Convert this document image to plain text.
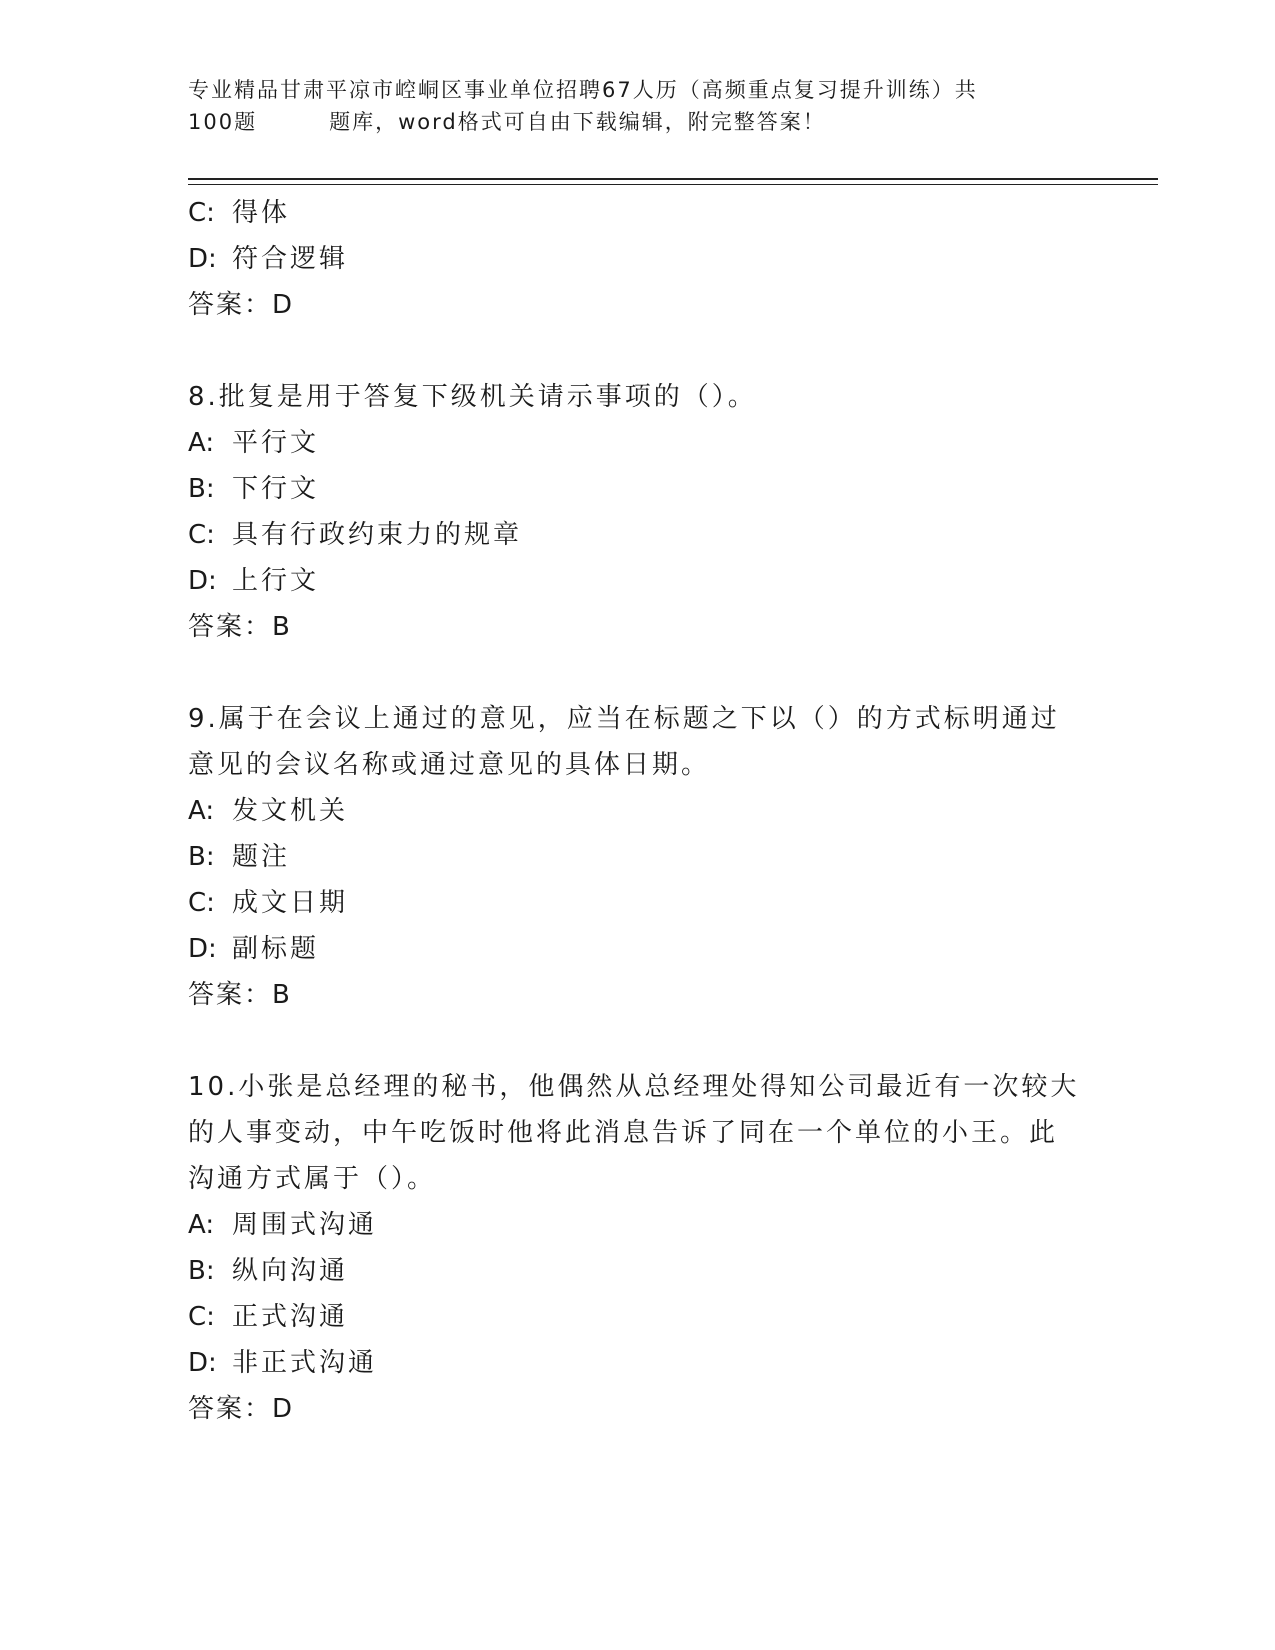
专业精品甘肃平凉市崆峒区事业单位招聘67人历（高频重点复习提升训练）共
100题	题库，word格式可自由下载编辑，附完整答案！
C: 得体
D: 符合逻辑
答案：D
8.批复是用于答复下级机关请示事项的（）。
A: 平行文
B: 下行文
C: 具有行政约束力的规章
D: 上行文
答案：B
9.属于在会议上通过的意见，应当在标题之下以（）的方式标明通过
意见的会议名称或通过意见的具体日期。
A: 发文机关
B: 题注
C: 成文日期
D: 副标题
答案：B
10.小张是总经理的秘书，他偶然从总经理处得知公司最近有一次较大
的人事变动，中午吃饭时他将此消息告诉了同在一个单位的小王。此
沟通方式属于（）。
A: 周围式沟通
B: 纵向沟通
C: 正式沟通
D: 非正式沟通
答案：D
